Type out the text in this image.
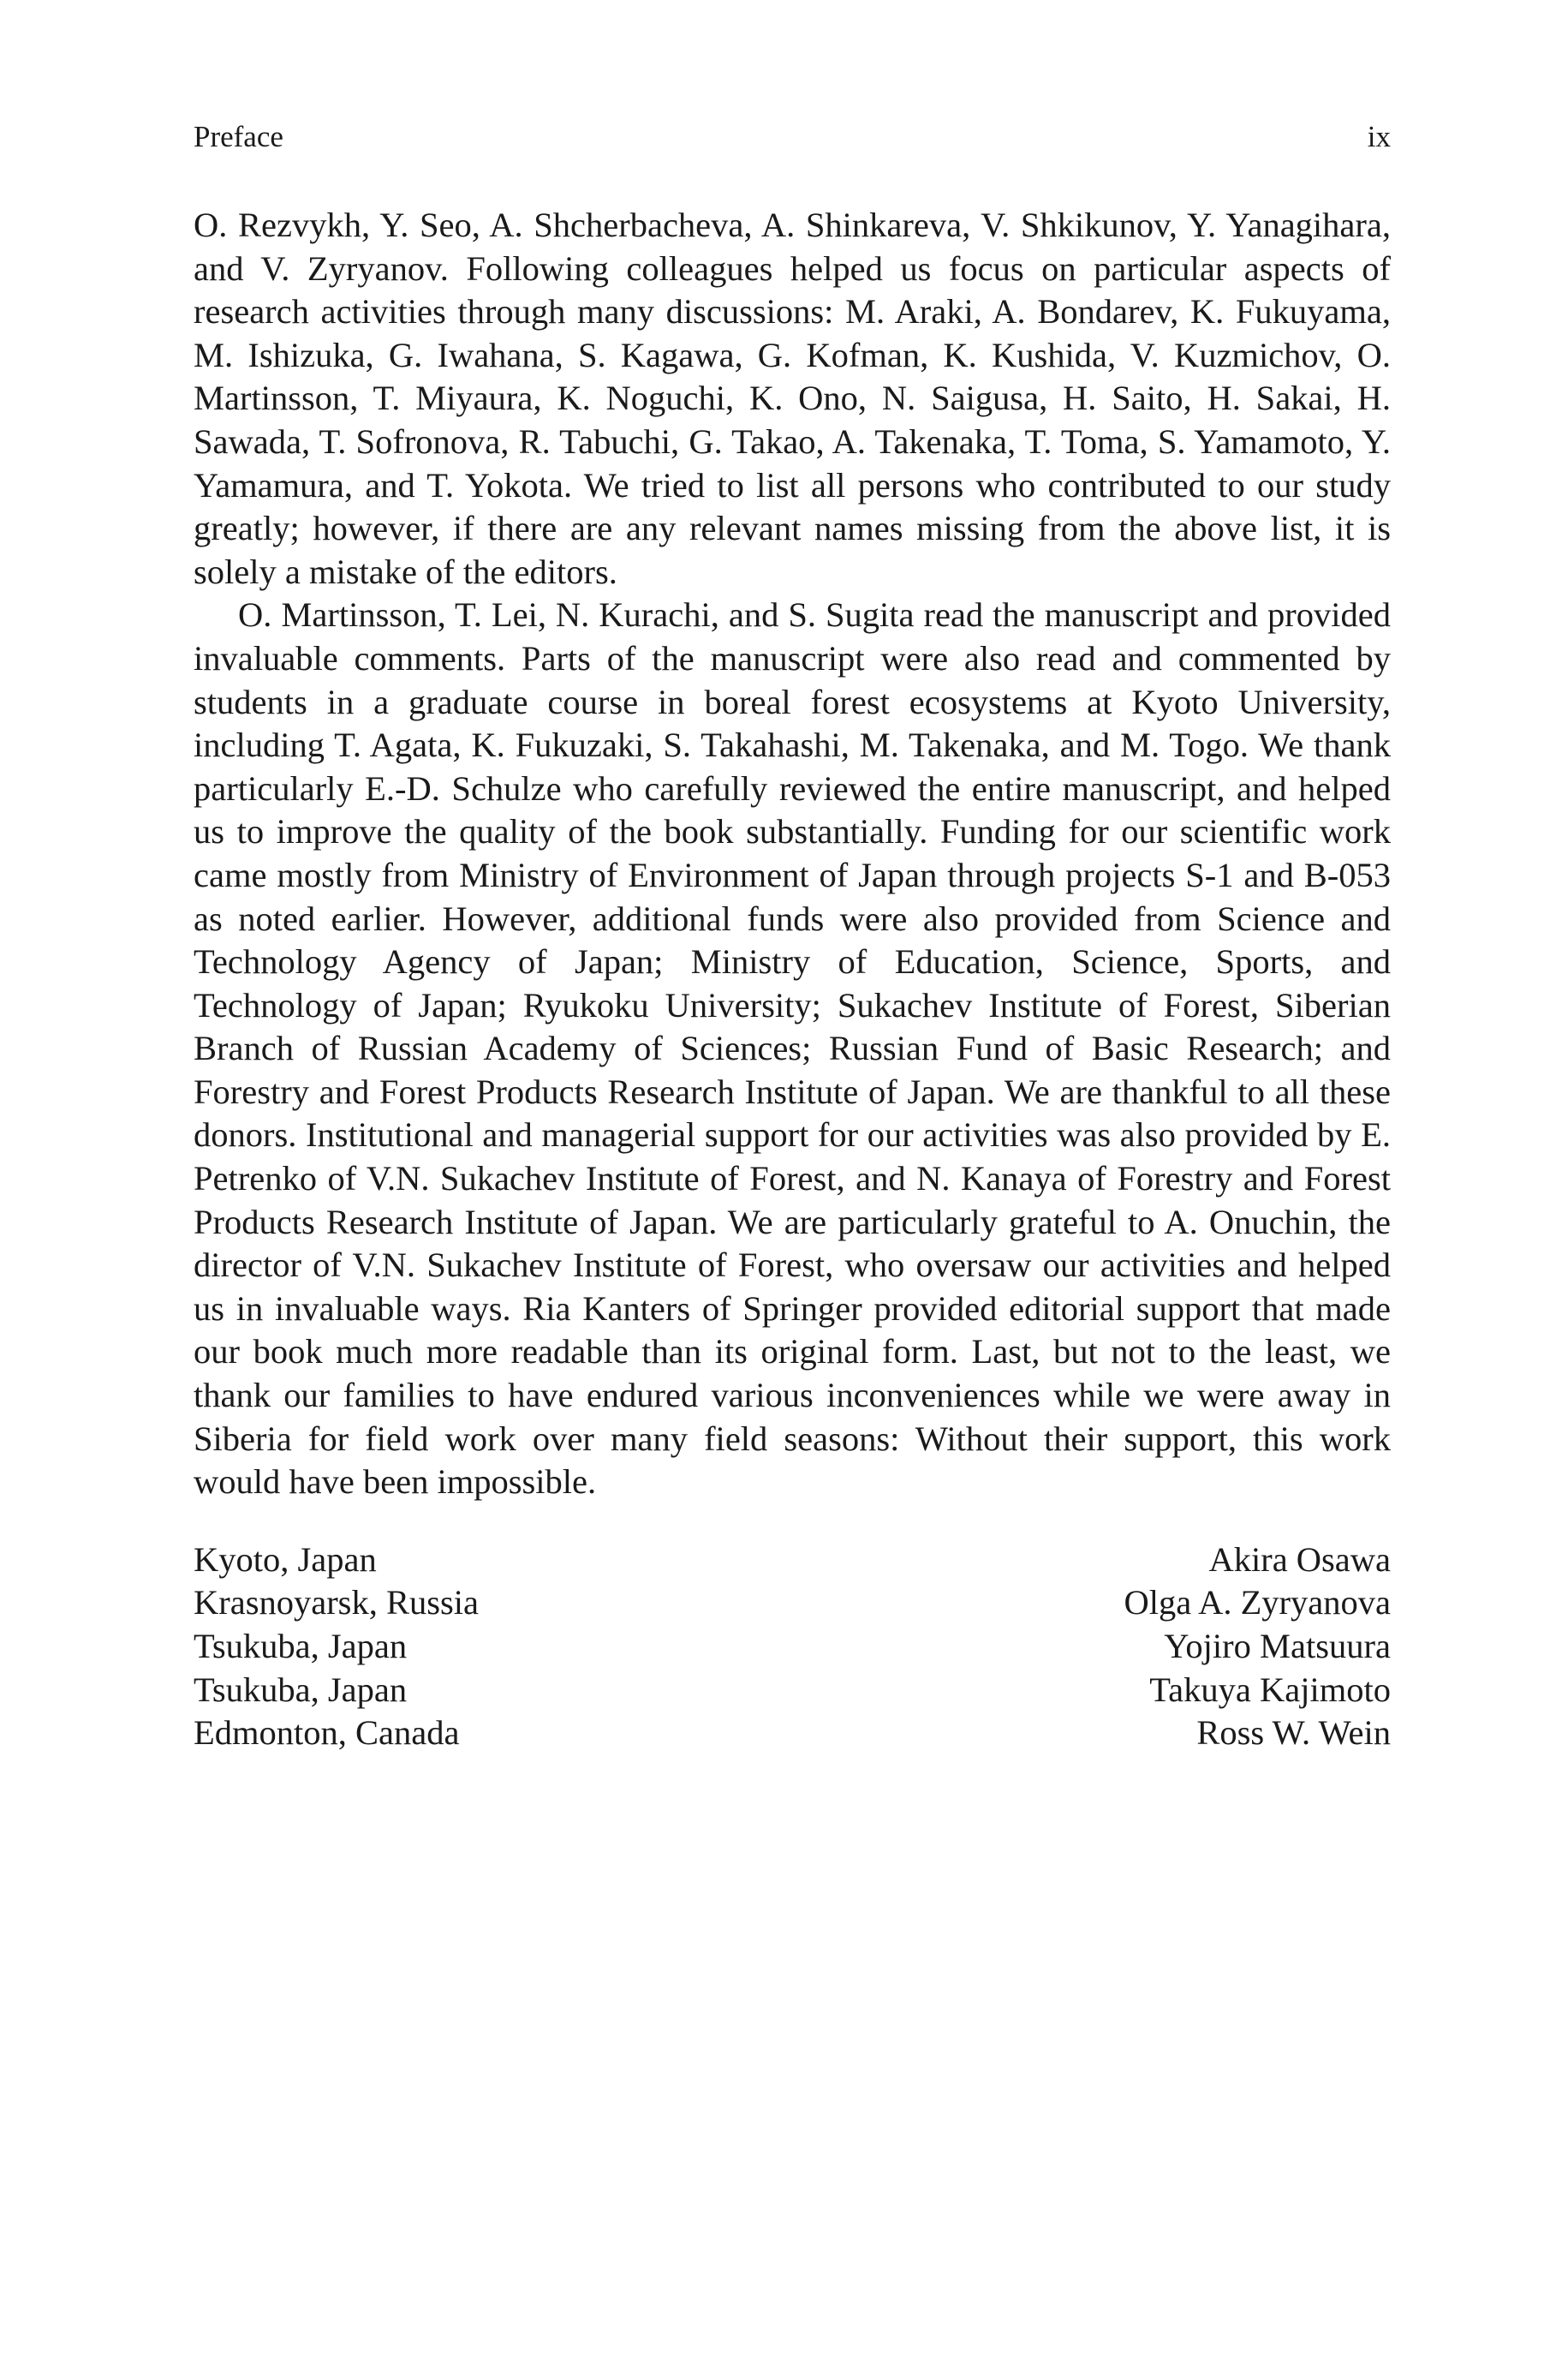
Preface	ix

O. Rezvykh, Y. Seo, A. Shcherbacheva, A. Shinkareva, V. Shkikunov, Y. Yanagihara, and V. Zyryanov. Following colleagues helped us focus on particular aspects of research activities through many discussions: M. Araki, A. Bondarev, K. Fukuyama, M. Ishizuka, G. Iwahana, S. Kagawa, G. Kofman, K. Kushida, V. Kuzmichov, O. Martinsson, T. Miyaura, K. Noguchi, K. Ono, N. Saigusa, H. Saito, H. Sakai, H. Sawada, T. Sofronova, R. Tabuchi, G. Takao, A. Takenaka, T. Toma, S. Yamamoto, Y. Yamamura, and T. Yokota. We tried to list all persons who contributed to our study greatly; however, if there are any relevant names missing from the above list, it is solely a mistake of the editors.

O. Martinsson, T. Lei, N. Kurachi, and S. Sugita read the manuscript and provided invaluable comments. Parts of the manuscript were also read and commented by students in a graduate course in boreal forest ecosystems at Kyoto University, including T. Agata, K. Fukuzaki, S. Takahashi, M. Takenaka, and M. Togo. We thank particularly E.-D. Schulze who carefully reviewed the entire manuscript, and helped us to improve the quality of the book substantially. Funding for our scientific work came mostly from Ministry of Environment of Japan through projects S-1 and B-053 as noted earlier. However, additional funds were also provided from Science and Technology Agency of Japan; Ministry of Education, Science, Sports, and Technology of Japan; Ryukoku University; Sukachev Institute of Forest, Siberian Branch of Russian Academy of Sciences; Russian Fund of Basic Research; and Forestry and Forest Products Research Institute of Japan. We are thankful to all these donors. Institutional and managerial support for our activities was also provided by E. Petrenko of V.N. Sukachev Institute of Forest, and N. Kanaya of Forestry and Forest Products Research Institute of Japan. We are particularly grateful to A. Onuchin, the director of V.N. Sukachev Institute of Forest, who oversaw our activities and helped us in invaluable ways. Ria Kanters of Springer provided editorial support that made our book much more readable than its original form. Last, but not to the least, we thank our families to have endured various inconveniences while we were away in Siberia for field work over many field seasons: Without their support, this work would have been impossible.

Kyoto, Japan	Akira Osawa
Krasnoyarsk, Russia	Olga A. Zyryanova
Tsukuba, Japan	Yojiro Matsuura
Tsukuba, Japan	Takuya Kajimoto
Edmonton, Canada	Ross W. Wein
